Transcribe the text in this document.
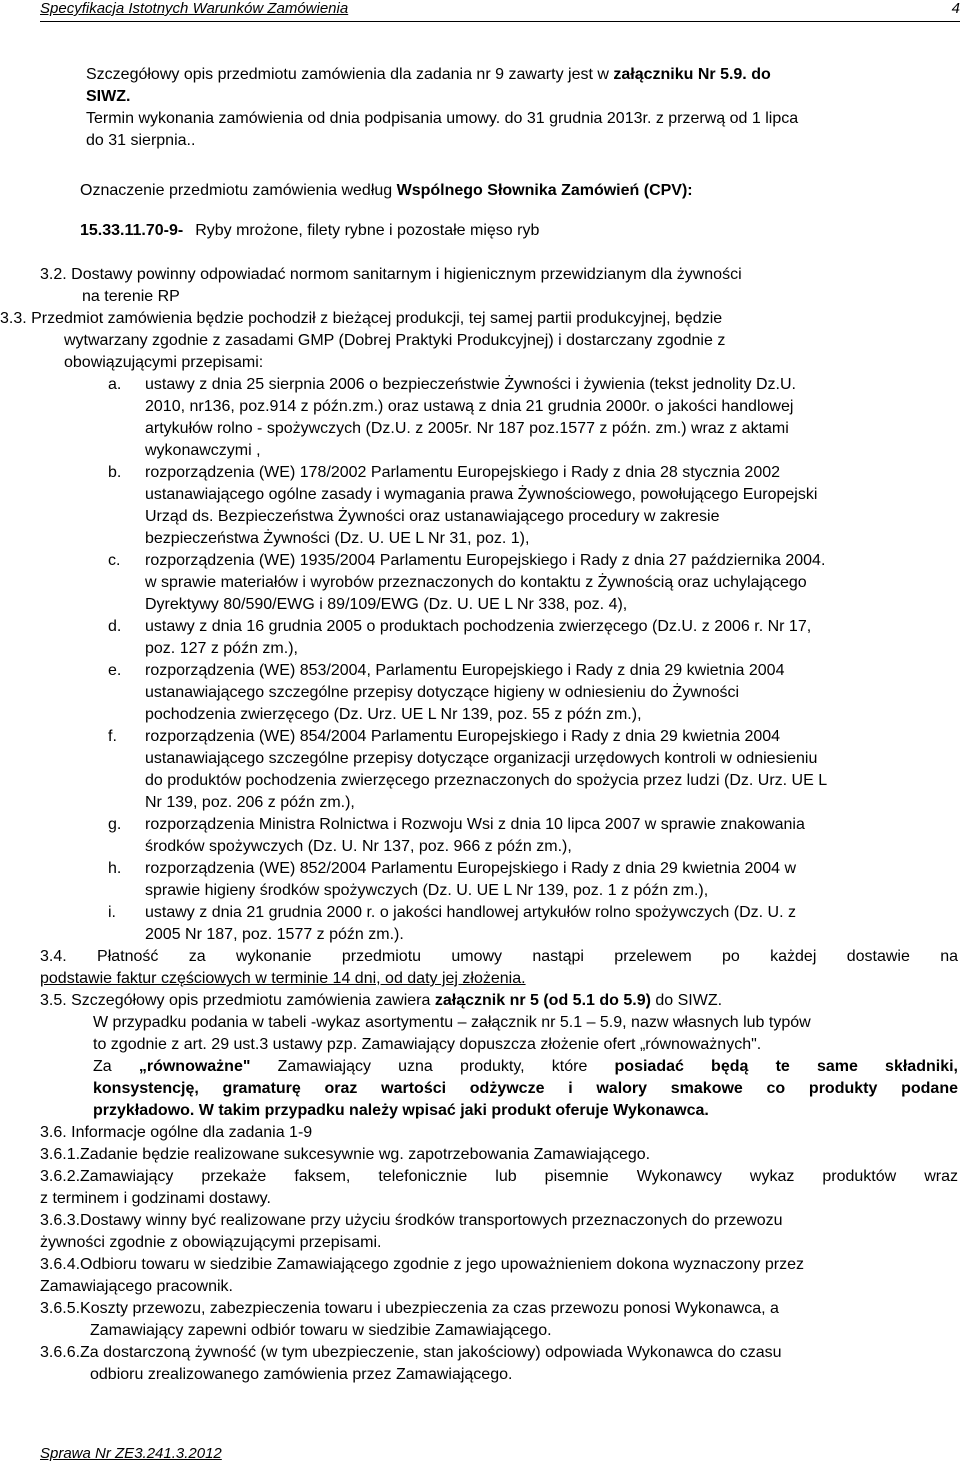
Specyfikacja Istotnych Warunków Zamówienia	4
Szczegółowy opis przedmiotu zamówienia dla zadania nr 9 zawarty jest w załączniku Nr 5.9. do
SIWZ.
Termin wykonania zamówienia od dnia podpisania umowy. do 31 grudnia 2013r. z przerwą od 1 lipca
do 31 sierpnia..
Oznaczenie przedmiotu zamówienia według Wspólnego Słownika Zamówień (CPV):
15.33.11.70-9- Ryby mrożone, filety rybne i pozostałe mięso ryb
3.2. Dostawy powinny odpowiadać normom sanitarnym i higienicznym przewidzianym dla żywności
na terenie RP
3.3. Przedmiot zamówienia będzie pochodził z bieżącej produkcji, tej samej partii produkcyjnej, będzie
wytwarzany zgodnie z zasadami GMP (Dobrej Praktyki Produkcyjnej) i dostarczany zgodnie z
obowiązującymi przepisami:
a. ustawy z dnia 25 sierpnia 2006 o bezpieczeństwie Żywności i żywienia (tekst jednolity Dz.U.
2010, nr136, poz.914 z późn.zm.) oraz ustawą z dnia 21 grudnia 2000r. o jakości handlowej
artykułów rolno - spożywczych (Dz.U. z 2005r. Nr 187 poz.1577 z późn. zm.) wraz z aktami
wykonawczymi ,
b. rozporządzenia (WE) 178/2002 Parlamentu Europejskiego i Rady z dnia 28 stycznia 2002
ustanawiającego ogólne zasady i wymagania prawa Żywnościowego, powołującego Europejski
Urząd ds. Bezpieczeństwa Żywności oraz ustanawiającego procedury w zakresie
bezpieczeństwa Żywności (Dz. U. UE L Nr 31, poz. 1),
c. rozporządzenia (WE) 1935/2004 Parlamentu Europejskiego i Rady z dnia 27 października 2004.
w sprawie materiałów i wyrobów przeznaczonych do kontaktu z Żywnością oraz uchylającego
Dyrektywy 80/590/EWG i 89/109/EWG (Dz. U. UE L Nr 338, poz. 4),
d. ustawy z dnia 16 grudnia 2005 o produktach pochodzenia zwierzęcego (Dz.U. z 2006 r. Nr 17,
poz. 127 z późn zm.),
e. rozporządzenia (WE) 853/2004, Parlamentu Europejskiego i Rady z dnia 29 kwietnia 2004
ustanawiającego szczególne przepisy dotyczące higieny w odniesieniu do Żywności
pochodzenia zwierzęcego (Dz. Urz. UE L Nr 139, poz. 55 z późn zm.),
f. rozporządzenia (WE) 854/2004 Parlamentu Europejskiego i Rady z dnia 29 kwietnia 2004
ustanawiającego szczególne przepisy dotyczące organizacji urzędowych kontroli w odniesieniu
do produktów pochodzenia zwierzęcego przeznaczonych do spożycia przez ludzi (Dz. Urz. UE L
Nr 139, poz. 206 z późn zm.),
g. rozporządzenia Ministra Rolnictwa i Rozwoju Wsi z dnia 10 lipca 2007 w sprawie znakowania
środków spożywczych (Dz. U. Nr 137, poz. 966 z późn zm.),
h. rozporządzenia (WE) 852/2004 Parlamentu Europejskiego i Rady z dnia 29 kwietnia 2004 w
sprawie higieny środków spożywczych (Dz. U. UE L Nr 139, poz. 1 z późn zm.),
i. ustawy z dnia 21 grudnia 2000 r. o jakości handlowej artykułów rolno spożywczych (Dz. U. z
2005 Nr 187, poz. 1577 z późn zm.).
3.4. Płatność za wykonanie przedmiotu umowy nastąpi przelewem po każdej dostawie na
podstawie faktur częściowych w terminie 14 dni, od daty jej złożenia.
3.5. Szczegółowy opis przedmiotu zamówienia zawiera załącznik nr 5 (od 5.1 do 5.9) do SIWZ.
W przypadku podania w tabeli -wykaz asortymentu – załącznik nr 5.1 – 5.9, nazw własnych lub typów
to zgodnie z art. 29 ust.3 ustawy pzp. Zamawiający dopuszcza złożenie ofert „równoważnych".
Za „równoważne" Zamawiający uzna produkty, które posiadać będą te same składniki,
konsystencję, gramaturę oraz wartości odżywcze i walory smakowe co produkty podane
przykładowo. W takim przypadku należy wpisać jaki produkt oferuje Wykonawca.
3.6. Informacje ogólne dla zadania 1-9
3.6.1.Zadanie będzie realizowane sukcesywnie wg. zapotrzebowania Zamawiającego.
3.6.2.Zamawiający przekaże faksem, telefonicznie lub pisemnie Wykonawcy wykaz produktów wraz
z terminem i godzinami dostawy.
3.6.3.Dostawy winny być realizowane przy użyciu środków transportowych przeznaczonych do przewozu
żywności zgodnie z obowiązującymi przepisami.
3.6.4.Odbioru towaru w siedzibie Zamawiającego zgodnie z jego upoważnieniem dokona wyznaczony przez
Zamawiającego pracownik.
3.6.5.Koszty przewozu, zabezpieczenia towaru i ubezpieczenia za czas przewozu ponosi Wykonawca, a
Zamawiający zapewni odbiór towaru w siedzibie Zamawiającego.
3.6.6.Za dostarczoną żywność (w tym ubezpieczenie, stan jakościowy) odpowiada Wykonawca do czasu
odbioru zrealizowanego zamówienia przez Zamawiającego.
Sprawa Nr ZE3.241.3.2012
